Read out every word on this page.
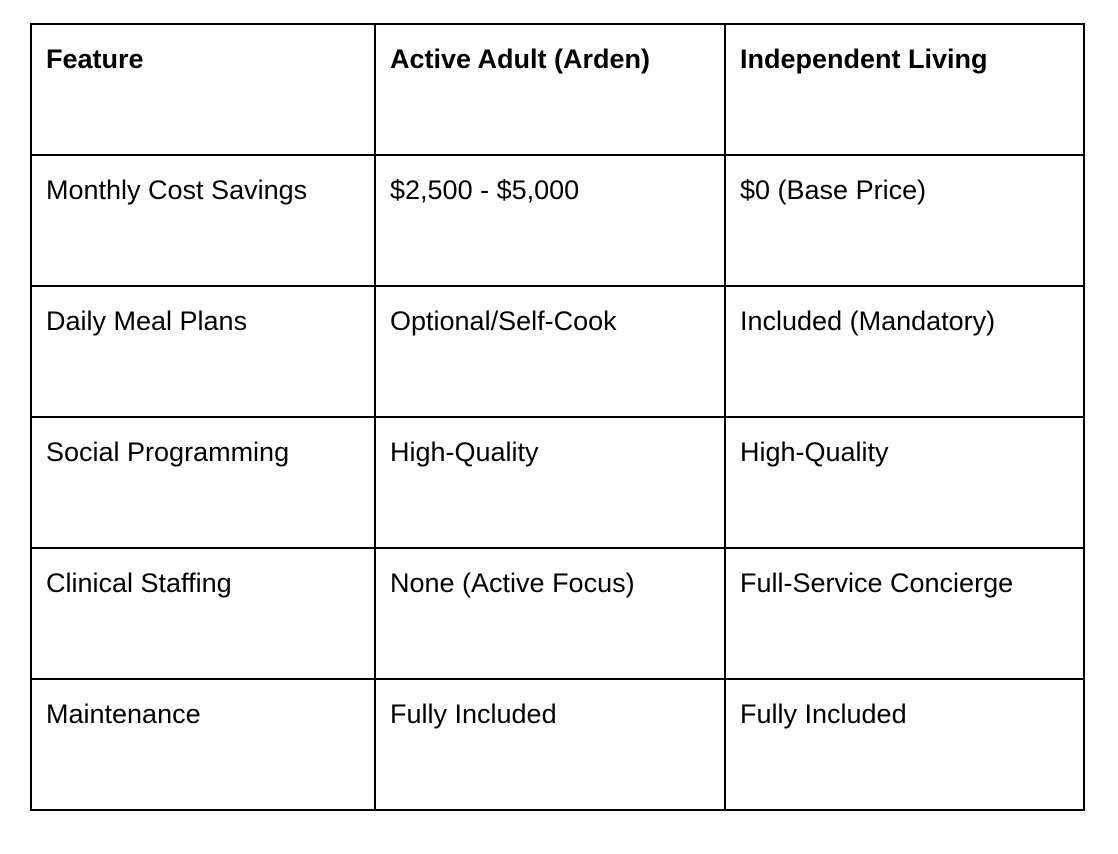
Feature	Active Adult (Arden)	Independent Living

Monthly Cost Savings	$2,500 - $5,000	$0 (Base Price)

Daily Meal Plans	Optional/Self-Cook	Included (Mandatory)

Social Programming	High-Quality	High-Quality

Clinical Staffing	None (Active Focus)	Full-Service Concierge

Maintenance	Fully Included	Fully Included
